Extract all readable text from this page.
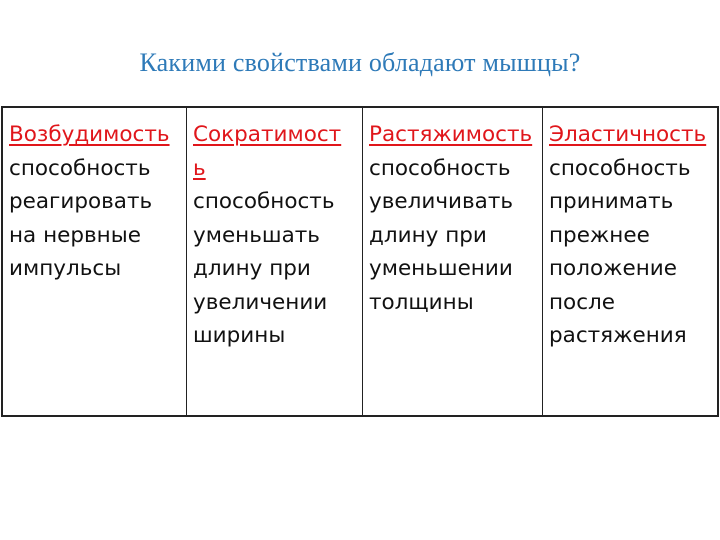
Какими свойствами обладают мышцы?
Возбудимость
способность
реагировать
на нервные
импульсы
Сократимост
ь
способность
уменьшать
длину при
увеличении
ширины
Растяжимость
способность
увеличивать
длину при
уменьшении
толщины
Эластичность
способность
принимать
прежнее
положение
после
растяжения
